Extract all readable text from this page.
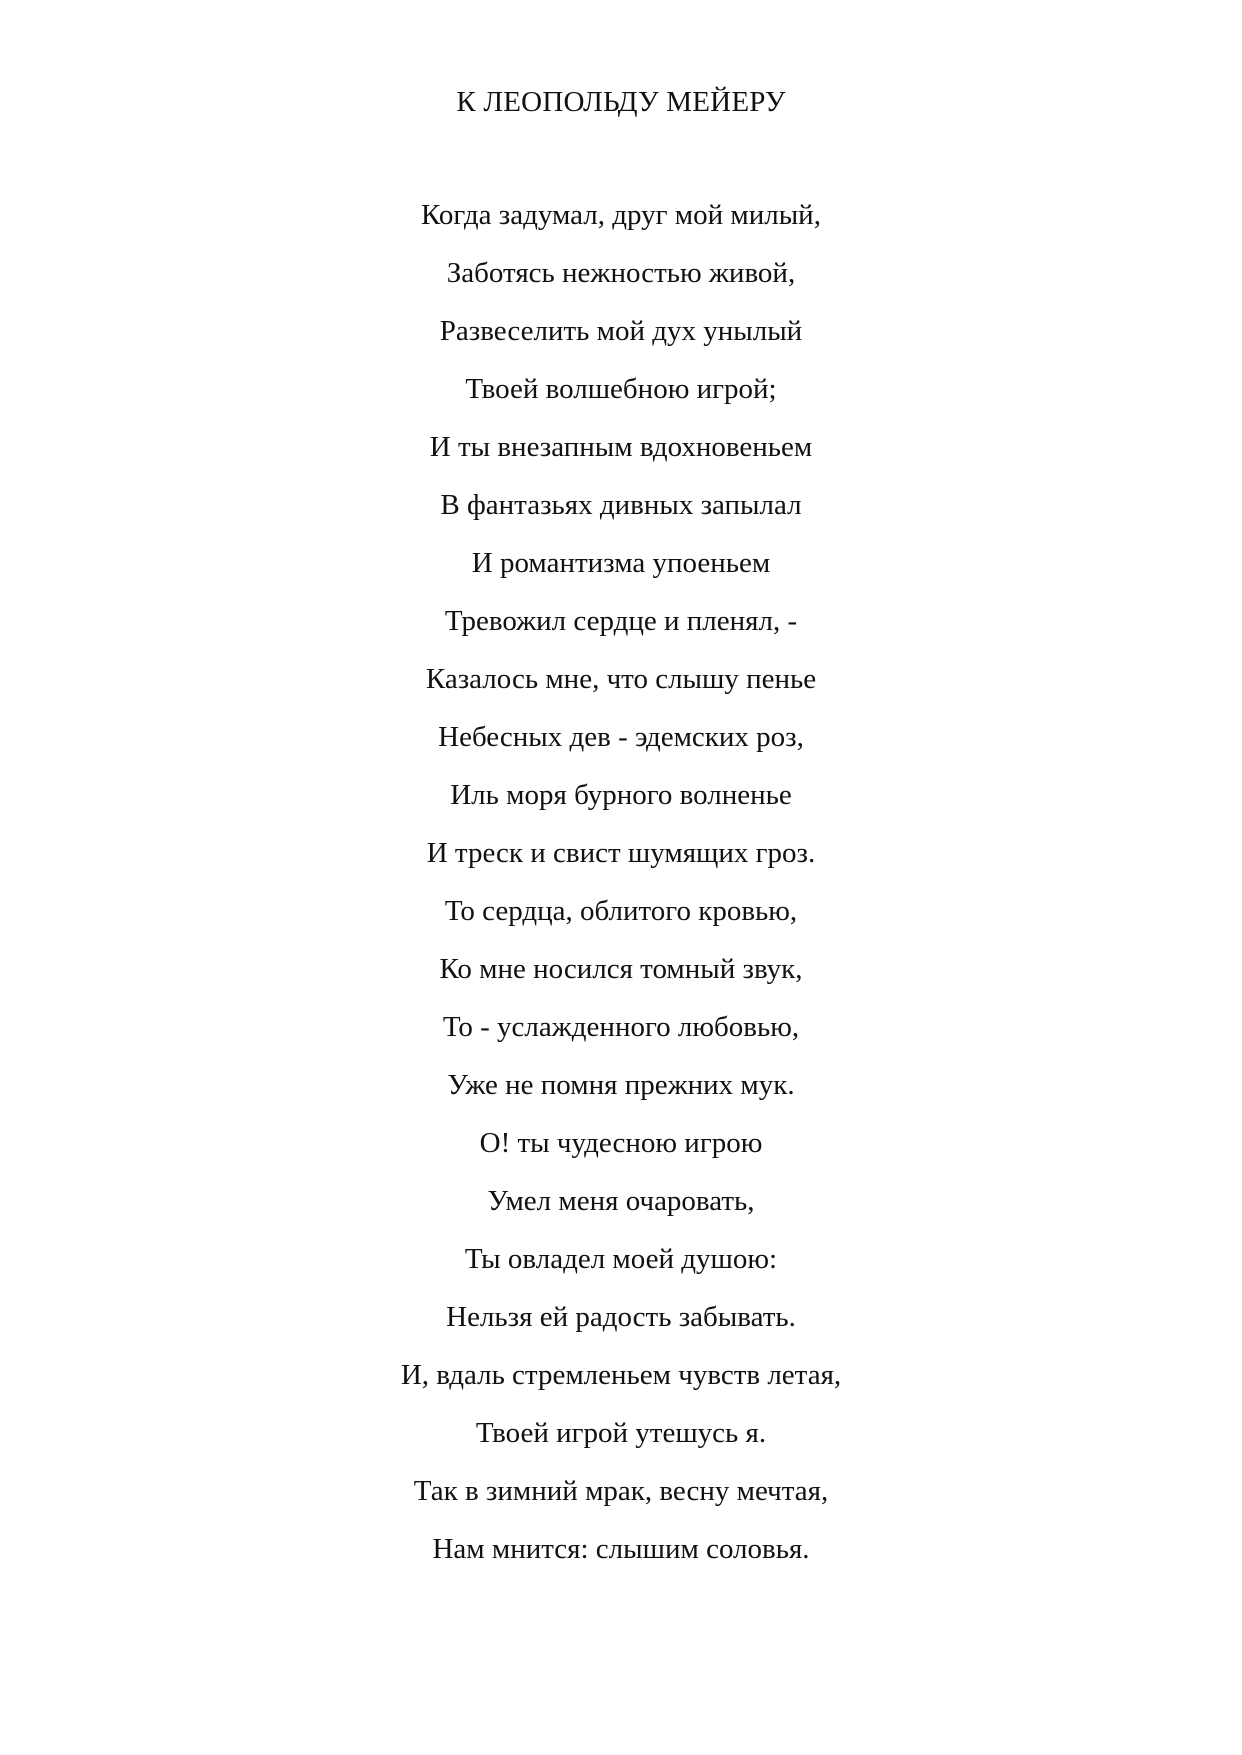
К ЛЕОПОЛЬДУ МЕЙЕРУ
Когда задумал, друг мой милый,
Заботясь нежностью живой,
Развеселить мой дух унылый
Твоей волшебною игрой;
И ты внезапным вдохновеньем
В фантазьях дивных запылал
И романтизма упоеньем
Тревожил сердце и пленял, -
Казалось мне, что слышу пенье
Небесных дев - эдемских роз,
Иль моря бурного волненье
И треск и свист шумящих гроз.
То сердца, облитого кровью,
Ко мне носился томный звук,
То - услажденного любовью,
Уже не помня прежних мук.
О! ты чудесною игрою
Умел меня очаровать,
Ты овладел моей душою:
Нельзя ей радость забывать.
И, вдаль стремленьем чувств летая,
Твоей игрой утешусь я.
Так в зимний мрак, весну мечтая,
Нам мнится: слышим соловья.
